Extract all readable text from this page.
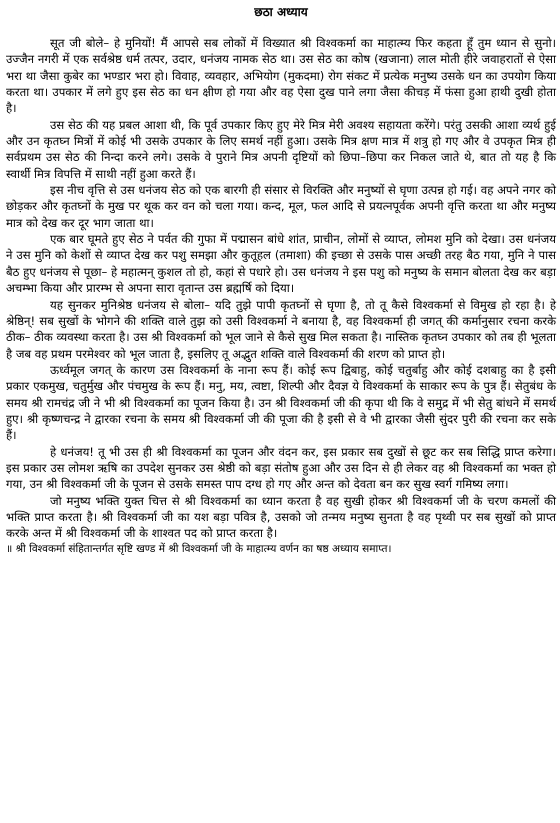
छठा अध्याय

सूत जी बोले– हे मुनियों! मैं आपसे सब लोकों में विख्यात श्री विश्वकर्मा का माहात्म्य फिर कहता हूँ तुम ध्यान से सुनो। उज्जैन नगरी में एक सर्वश्रेष्ठ धर्म तत्पर, उदार, धनंजय नामक सेठ था। उस सेठ का कोष (खजाना) लाल मोती हीरे जवाहरातों से ऐसा भरा था जैसा कुबेर का भण्डार भरा हो। विवाह, व्यवहार, अभियोग (मुकदमा) रोग संकट में प्रत्येक मनुष्य उसके धन का उपयोग किया करता था। उपकार में लगे हुए इस सेठ का धन क्षीण हो गया और वह ऐसा दुख पाने लगा जैसा कीचड़ में फंसा हुआ हाथी दुखी होता है।

उस सेठ की यह प्रबल आशा थी, कि पूर्व उपकार किए हुए मेरे मित्र मेरी अवश्य सहायता करेंगे। परंतु उसकी आशा व्यर्थ हुई और उन कृतघ्न मित्रों में कोई भी उसके उपकार के लिए समर्थ नहीं हुआ। उसके मित्र क्षण मात्र में शत्रु हो गए और वे उपकृत मित्र ही सर्वप्रथम उस सेठ की निन्दा करने लगे। उसके वे पुराने मित्र अपनी दृष्टियों को छिपा–छिपा कर निकल जाते थे, बात तो यह है कि स्वार्थी मित्र विपत्ति में साथी नहीं हुआ करते हैं।

इस नीच वृत्ति से उस धनंजय सेठ को एक बारगी ही संसार से विरक्ति और मनुष्यों से घृणा उत्पन्न हो गई। वह अपने नगर को छोड़कर और कृतघ्नों के मुख पर थूक कर वन को चला गया। कन्द, मूल, फल आदि से प्रयत्नपूर्वक अपनी वृत्ति करता था और मनुष्य मात्र को देख कर दूर भाग जाता था।

एक बार घूमते हुए सेठ ने पर्वत की गुफा में पद्मासन बांधे शांत, प्राचीन, लोमों से व्याप्त, लोमश मुनि को देखा। उस धनंजय ने उस मुनि को केशों से व्याप्त देख कर पशु समझा और कुतूहल (तमाशा) की इच्छा से उसके पास अच्छी तरह बैठ गया, मुनि ने पास बैठ हुए धनंजय से पूछा– हे महात्मन् कुशल तो हो, कहां से पधारे हो। उस धनंजय ने इस पशु को मनुष्य के समान बोलता देख कर बड़ा अचम्भा किया और प्रारम्भ से अपना सारा वृतान्त उस ब्रह्मर्षि को दिया।

यह सुनकर मुनिश्रेष्ठ धनंजय से बोला– यदि तुझे पापी कृतघ्नों से घृणा है, तो तू कैसे विश्वकर्मा से विमुख हो रहा है। हे श्रेष्ठिन्! सब सुखों के भोगने की शक्ति वाले तुझ को उसी विश्वकर्मा ने बनाया है, वह विश्वकर्मा ही जगत् की कर्मानुसार रचना करके ठीक– ठीक व्यवस्था करता है। उस श्री विश्वकर्मा को भूल जाने से कैसे सुख मिल सकता है। नास्तिक कृतघ्न उपकार को तब ही भूलता है जब वह प्रथम परमेश्वर को भूल जाता है, इसलिए तू अद्भुत शक्ति वाले विश्वकर्मा की शरण को प्राप्त हो।

ऊर्ध्वमूल जगत् के कारण उस विश्वकर्मा के नाना रूप हैं। कोई रूप द्विबाहु, कोई चतुर्बाहु और कोई दशबाहु का है इसी प्रकार एकमुख, चतुर्मुख और पंचमुख के रूप हैं। मनु, मय, त्वष्टा, शिल्पी और दैवज्ञ ये विश्वकर्मा के साकार रूप के पुत्र हैं। सेतुबंध के समय श्री रामचंद्र जी ने भी श्री विश्वकर्मा का पूजन किया है। उन श्री विश्वकर्मा जी की कृपा थी कि वे समुद्र में भी सेतु बांधने में समर्थ हुए। श्री कृष्णचन्द्र ने द्वारका रचना के समय श्री विश्वकर्मा जी की पूजा की है इसी से वे भी द्वारका जैसी सुंदर पुरी की रचना कर सके हैं।

हे धनंजय! तू भी उस ही श्री विश्वकर्मा का पूजन और वंदन कर, इस प्रकार सब दुखों से छूट कर सब सिद्धि प्राप्त करेगा। इस प्रकार उस लोमश ऋषि का उपदेश सुनकर उस श्रेष्ठी को बड़ा संतोष हुआ और उस दिन से ही लेकर वह श्री विश्वकर्मा का भक्त हो गया, उन श्री विश्वकर्मा जी के पूजन से उसके समस्त पाप दग्ध हो गए और अन्त को देवता बन कर सुख स्वर्ग गमिष्य लगा।

जो मनुष्य भक्ति युक्त चित्त से श्री विश्वकर्मा का ध्यान करता है वह सुखी होकर श्री विश्वकर्मा जी के चरण कमलों की भक्ति प्राप्त करता है। श्री विश्वकर्मा जी का यश बड़ा पवित्र है, उसको जो तन्मय मनुष्य सुनता है वह पृथ्वी पर सब सुखों को प्राप्त करके अन्त में श्री विश्वकर्मा जी के शाश्वत पद को प्राप्त करता है।

॥ श्री विश्वकर्मा संहितान्तर्गत सृष्टि खण्ड में श्री विश्वकर्मा जी के माहात्म्य वर्णन का षष्ठ अध्याय समाप्त।
